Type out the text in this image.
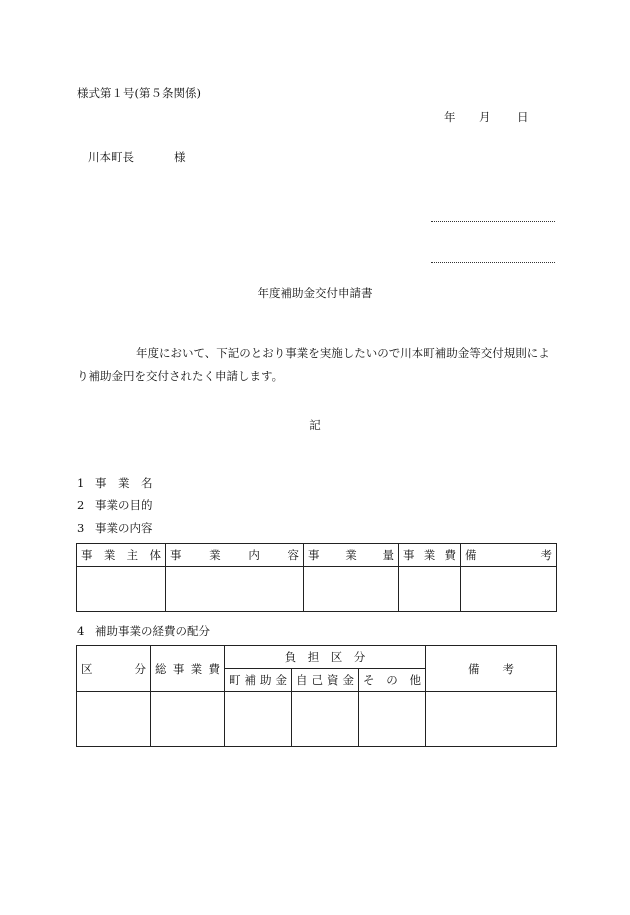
様式第１号(第５条関係)
年 月 日
川本町長	様
年度補助金交付申請書
年度において、下記のとおり事業を実施したいので川本町補助金等交付規則によ​り補助金円を交付されたく申請します。
記
1 事　業　名
2 事業の目的
3 事業の内容
事業主体	事　業　内　容	事　業　量	事業費	備　　考

4 補助事業の経費の配分
区　　分	総事業費	負　担　区　分			備　　考
		町補助金	自己資金	その他	
